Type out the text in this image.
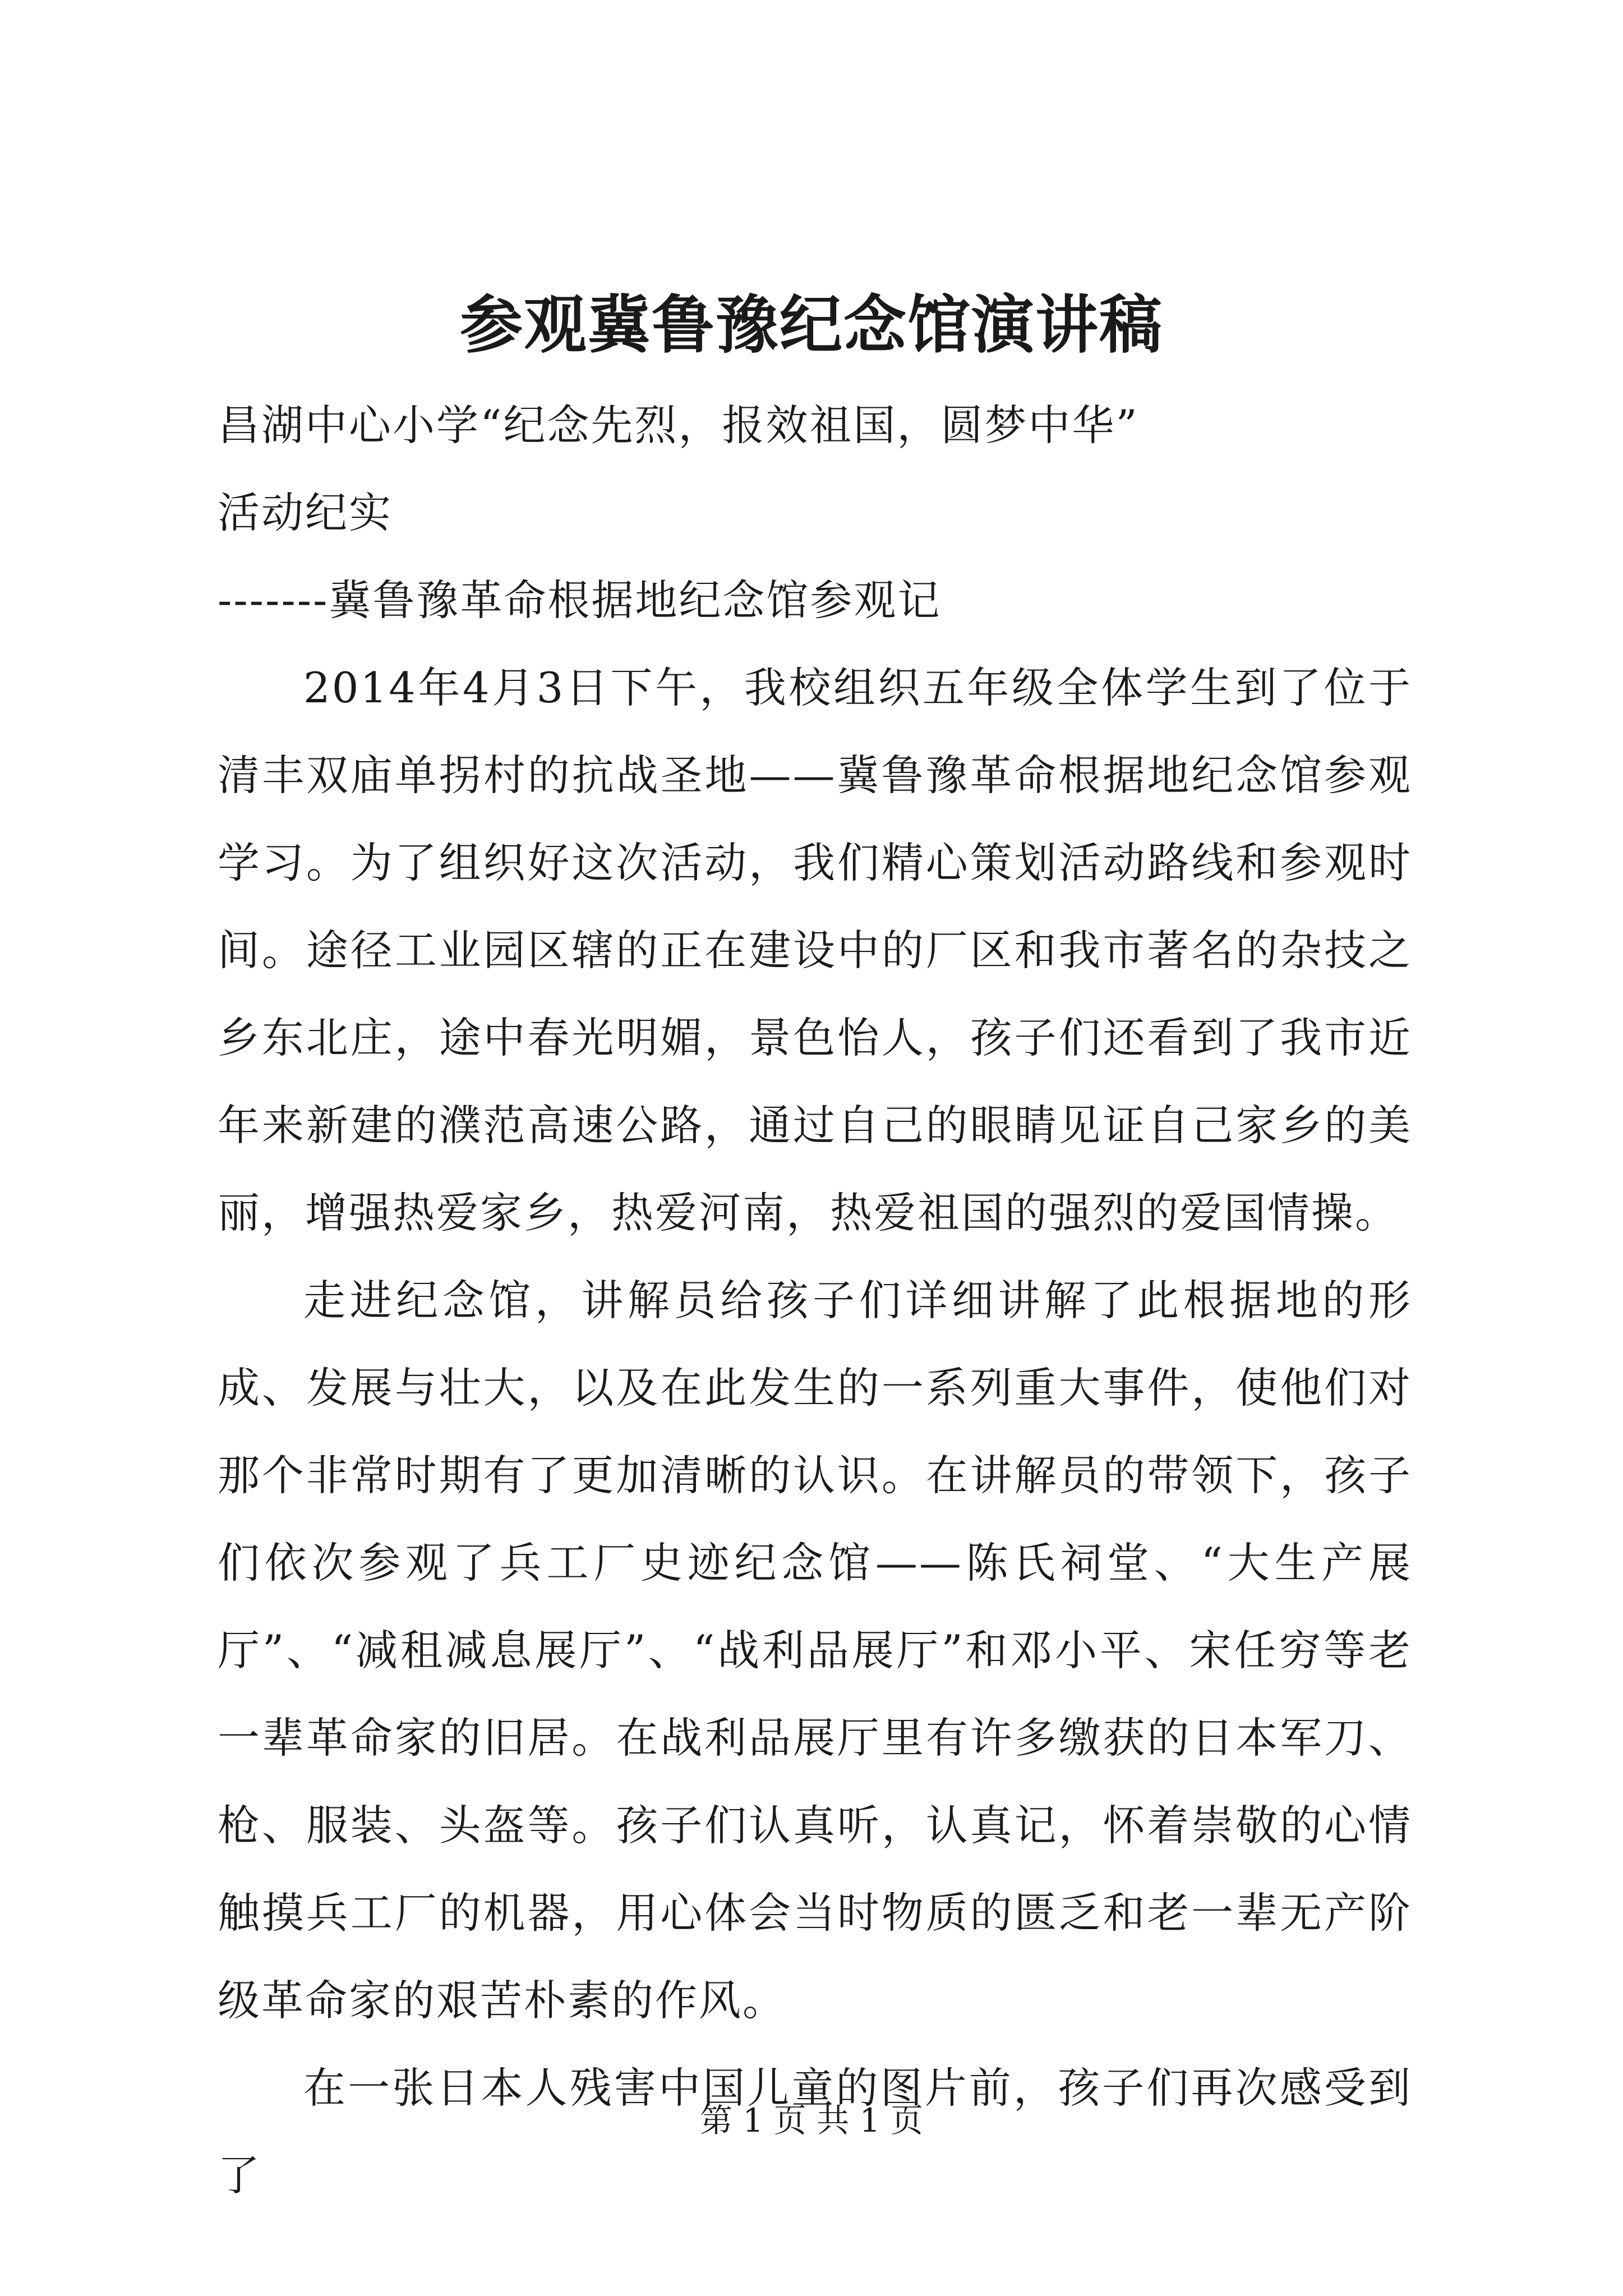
参观冀鲁豫纪念馆演讲稿

昌湖中心小学“纪念先烈，报效祖国，圆梦中华”

活动纪实

-------冀鲁豫革命根据地纪念馆参观记

2014年4月3日下午，我校组织五年级全体学生到了位于清丰双庙单拐村的抗战圣地——冀鲁豫革命根据地纪念馆参观学习。为了组织好这次活动，我们精心策划活动路线和参观时间。途径工业园区辖的正在建设中的厂区和我市著名的杂技之乡东北庄，途中春光明媚，景色怡人，孩子们还看到了我市近年来新建的濮范高速公路，通过自己的眼睛见证自己家乡的美丽，增强热爱家乡，热爱河南，热爱祖国的强烈的爱国情操。

走进纪念馆，讲解员给孩子们详细讲解了此根据地的形成、发展与壮大，以及在此发生的一系列重大事件，使他们对那个非常时期有了更加清晰的认识。在讲解员的带领下，孩子们依次参观了兵工厂史迹纪念馆——陈氏祠堂、“大生产展厅”、“减租减息展厅”、“战利品展厅”和邓小平、宋任穷等老一辈革命家的旧居。在战利品展厅里有许多缴获的日本军刀、枪、服装、头盔等。孩子们认真听，认真记，怀着崇敬的心情触摸兵工厂的机器，用心体会当时物质的匮乏和老一辈无产阶级革命家的艰苦朴素的作风。

在一张日本人残害中国儿童的图片前，孩子们再次感受到了

第 1 页 共 1 页
